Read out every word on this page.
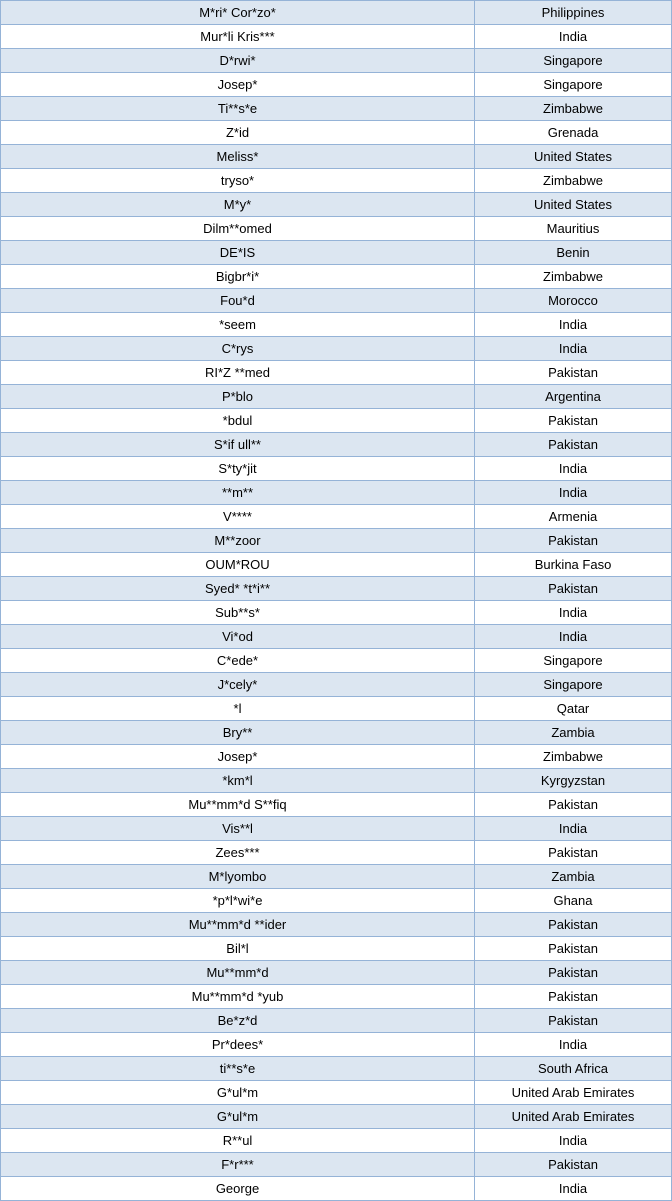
M*ri* Cor*zo*	Philippines
Mur*li Kris***	India
D*rwi*	Singapore
Josep*	Singapore
Ti**s*e	Zimbabwe
Z*id	Grenada
Meliss*	United States
tryso*	Zimbabwe
M*y*	United States
Dilm**omed	Mauritius
DE*IS	Benin
Bigbr*i*	Zimbabwe
Fou*d	Morocco
*seem	India
C*rys	India
RI*Z **med	Pakistan
P*blo	Argentina
*bdul	Pakistan
S*if ull**	Pakistan
S*ty*jit	India
**m**	India
V****	Armenia
M**zoor	Pakistan
OUM*ROU	Burkina Faso
Syed* *t*i**	Pakistan
Sub**s*	India
Vi*od	India
C*ede*	Singapore
J*cely*	Singapore
*l	Qatar
Bry**	Zambia
Josep*	Zimbabwe
*km*l	Kyrgyzstan
Mu**mm*d S**fiq	Pakistan
Vis**l	India
Zees***	Pakistan
M*lyombo	Zambia
*p*l*wi*e	Ghana
Mu**mm*d **ider	Pakistan
Bil*l	Pakistan
Mu**mm*d	Pakistan
Mu**mm*d *yub	Pakistan
Be*z*d	Pakistan
Pr*dees*	India
ti**s*e	South Africa
G*ul*m	United Arab Emirates
G*ul*m	United Arab Emirates
R**ul	India
F*r***	Pakistan
George	India
